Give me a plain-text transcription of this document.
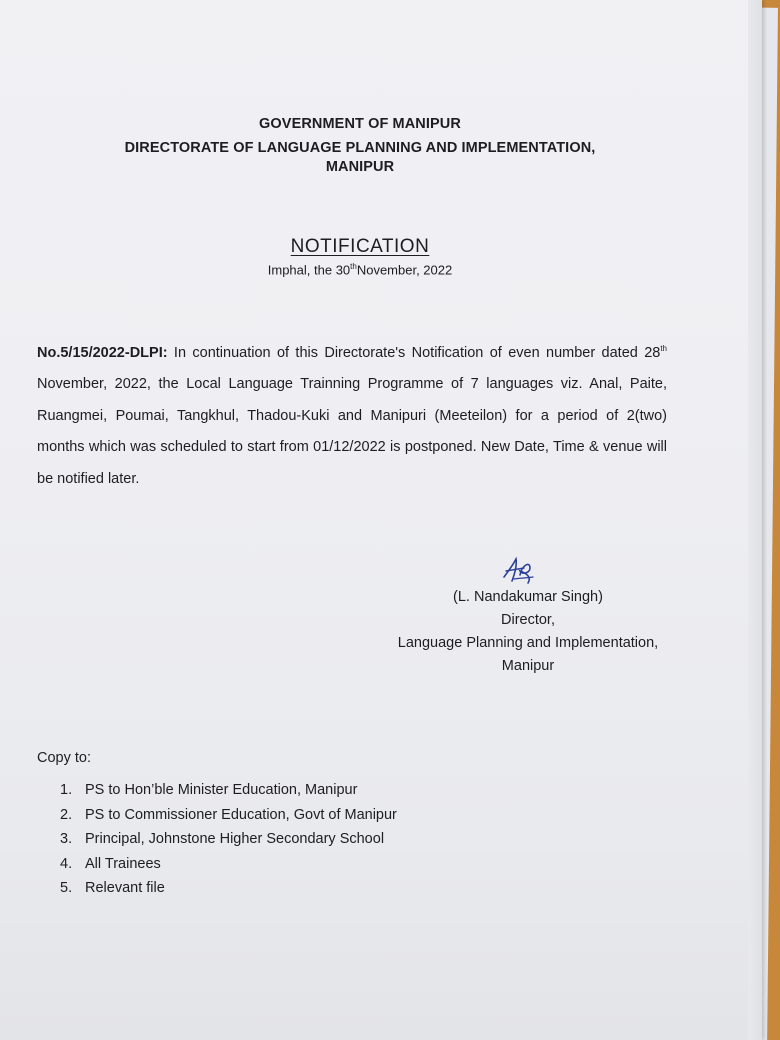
GOVERNMENT OF MANIPUR
DIRECTORATE OF LANGUAGE PLANNING AND IMPLEMENTATION,
MANIPUR
NOTIFICATION
Imphal, the 30thNovember, 2022
No.5/15/2022-DLPI: In continuation of this Directorate's Notification of even number dated 28th November, 2022, the Local Language Trainning Programme of 7 languages viz. Anal, Paite, Ruangmei, Poumai, Tangkhul, Thadou-Kuki and Manipuri (Meeteilon) for a period of 2(two) months which was scheduled to start from 01/12/2022 is postponed. New Date, Time & venue will be notified later.
(L. Nandakumar Singh)
Director,
Language Planning and Implementation,
Manipur
Copy to:
1. PS to Hon’ble Minister Education, Manipur
2. PS to Commissioner Education, Govt of Manipur
3. Principal, Johnstone Higher Secondary School
4. All Trainees
5. Relevant file
